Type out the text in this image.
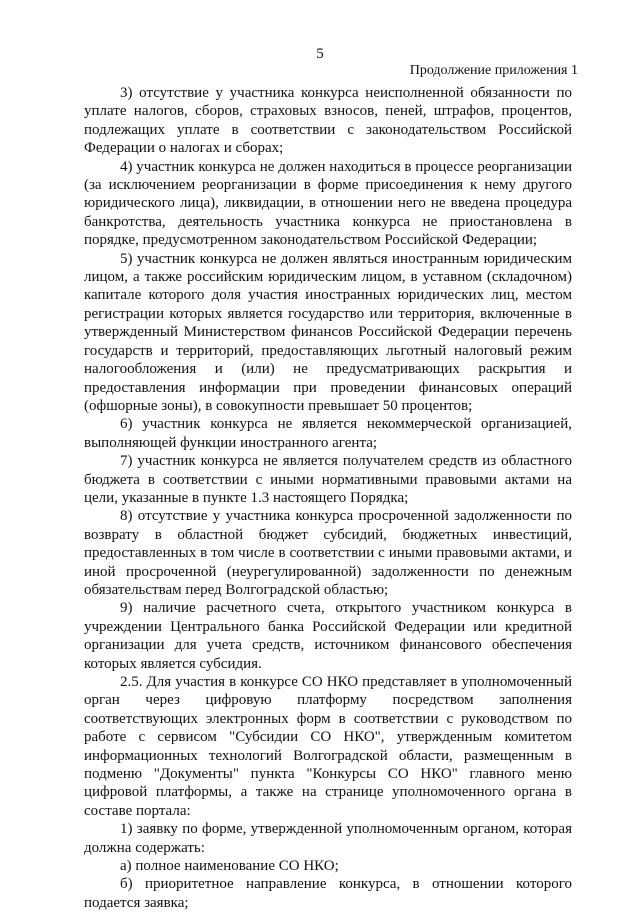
5
Продолжение приложения 1

3) отсутствие у участника конкурса неисполненной обязанности по уплате налогов, сборов, страховых взносов, пеней, штрафов, процентов, подлежащих уплате в соответствии с законодательством Российской Федерации о налогах и сборах;

4) участник конкурса не должен находиться в процессе реорганизации (за исключением реорганизации в форме присоединения к нему другого юридического лица), ликвидации, в отношении него не введена процедура банкротства, деятельность участника конкурса не приостановлена в порядке, предусмотренном законодательством Российской Федерации;

5) участник конкурса не должен являться иностранным юридическим лицом, а также российским юридическим лицом, в уставном (складочном) капитале которого доля участия иностранных юридических лиц, местом регистрации которых является государство или территория, включенные в утвержденный Министерством финансов Российской Федерации перечень государств и территорий, предоставляющих льготный налоговый режим налогообложения и (или) не предусматривающих раскрытия и предоставления информации при проведении финансовых операций (офшорные зоны), в совокупности превышает 50 процентов;

6) участник конкурса не является некоммерческой организацией, выполняющей функции иностранного агента;

7) участник конкурса не является получателем средств из областного бюджета в соответствии с иными нормативными правовыми актами на цели, указанные в пункте 1.3 настоящего Порядка;

8) отсутствие у участника конкурса просроченной задолженности по возврату в областной бюджет субсидий, бюджетных инвестиций, предоставленных в том числе в соответствии с иными правовыми актами, и иной просроченной (неурегулированной) задолженности по денежным обязательствам перед Волгоградской областью;

9) наличие расчетного счета, открытого участником конкурса в учреждении Центрального банка Российской Федерации или кредитной организации для учета средств, источником финансового обеспечения которых является субсидия.

2.5. Для участия в конкурсе СО НКО представляет в уполномоченный орган через цифровую платформу посредством заполнения соответствующих электронных форм в соответствии с руководством по работе с сервисом "Субсидии СО НКО", утвержденным комитетом информационных технологий Волгоградской области, размещенным в подменю "Документы" пункта "Конкурсы СО НКО" главного меню цифровой платформы, а также на странице уполномоченного органа в составе портала:

1) заявку по форме, утвержденной уполномоченным органом, которая должна содержать:

а) полное наименование СО НКО;

б) приоритетное направление конкурса, в отношении которого подается заявка;
